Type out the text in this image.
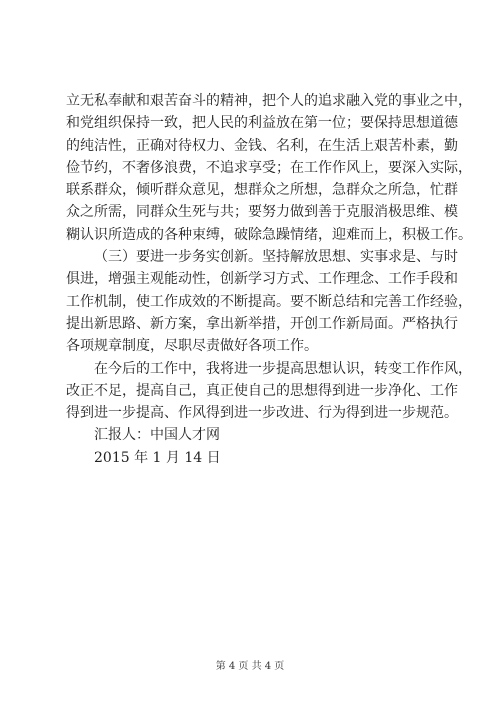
立无私奉献和艰苦奋斗的精神，把个人的追求融入党的事业之中，
和党组织保持一致，把人民的利益放在第一位；要保持思想道德
的纯洁性，正确对待权力、金钱、名利，在生活上艰苦朴素，勤
俭节约，不奢侈浪费，不追求享受；在工作作风上，要深入实际，
联系群众，倾听群众意见，想群众之所想，急群众之所急，忙群
众之所需，同群众生死与共；要努力做到善于克服消极思维、模
糊认识所造成的各种束缚，破除急躁情绪，迎难而上，积极工作。
（三）要进一步务实创新。坚持解放思想、实事求是、与时
俱进，增强主观能动性，创新学习方式、工作理念、工作手段和
工作机制，使工作成效的不断提高。要不断总结和完善工作经验，
提出新思路、新方案，拿出新举措，开创工作新局面。严格执行
各项规章制度，尽职尽责做好各项工作。
在今后的工作中，我将进一步提高思想认识，转变工作作风，
改正不足，提高自己，真正使自己的思想得到进一步净化、工作
得到进一步提高、作风得到进一步改进、行为得到进一步规范。
汇报人：中国人才网
2015 年 1 月 14 日
第 4 页 共 4 页
